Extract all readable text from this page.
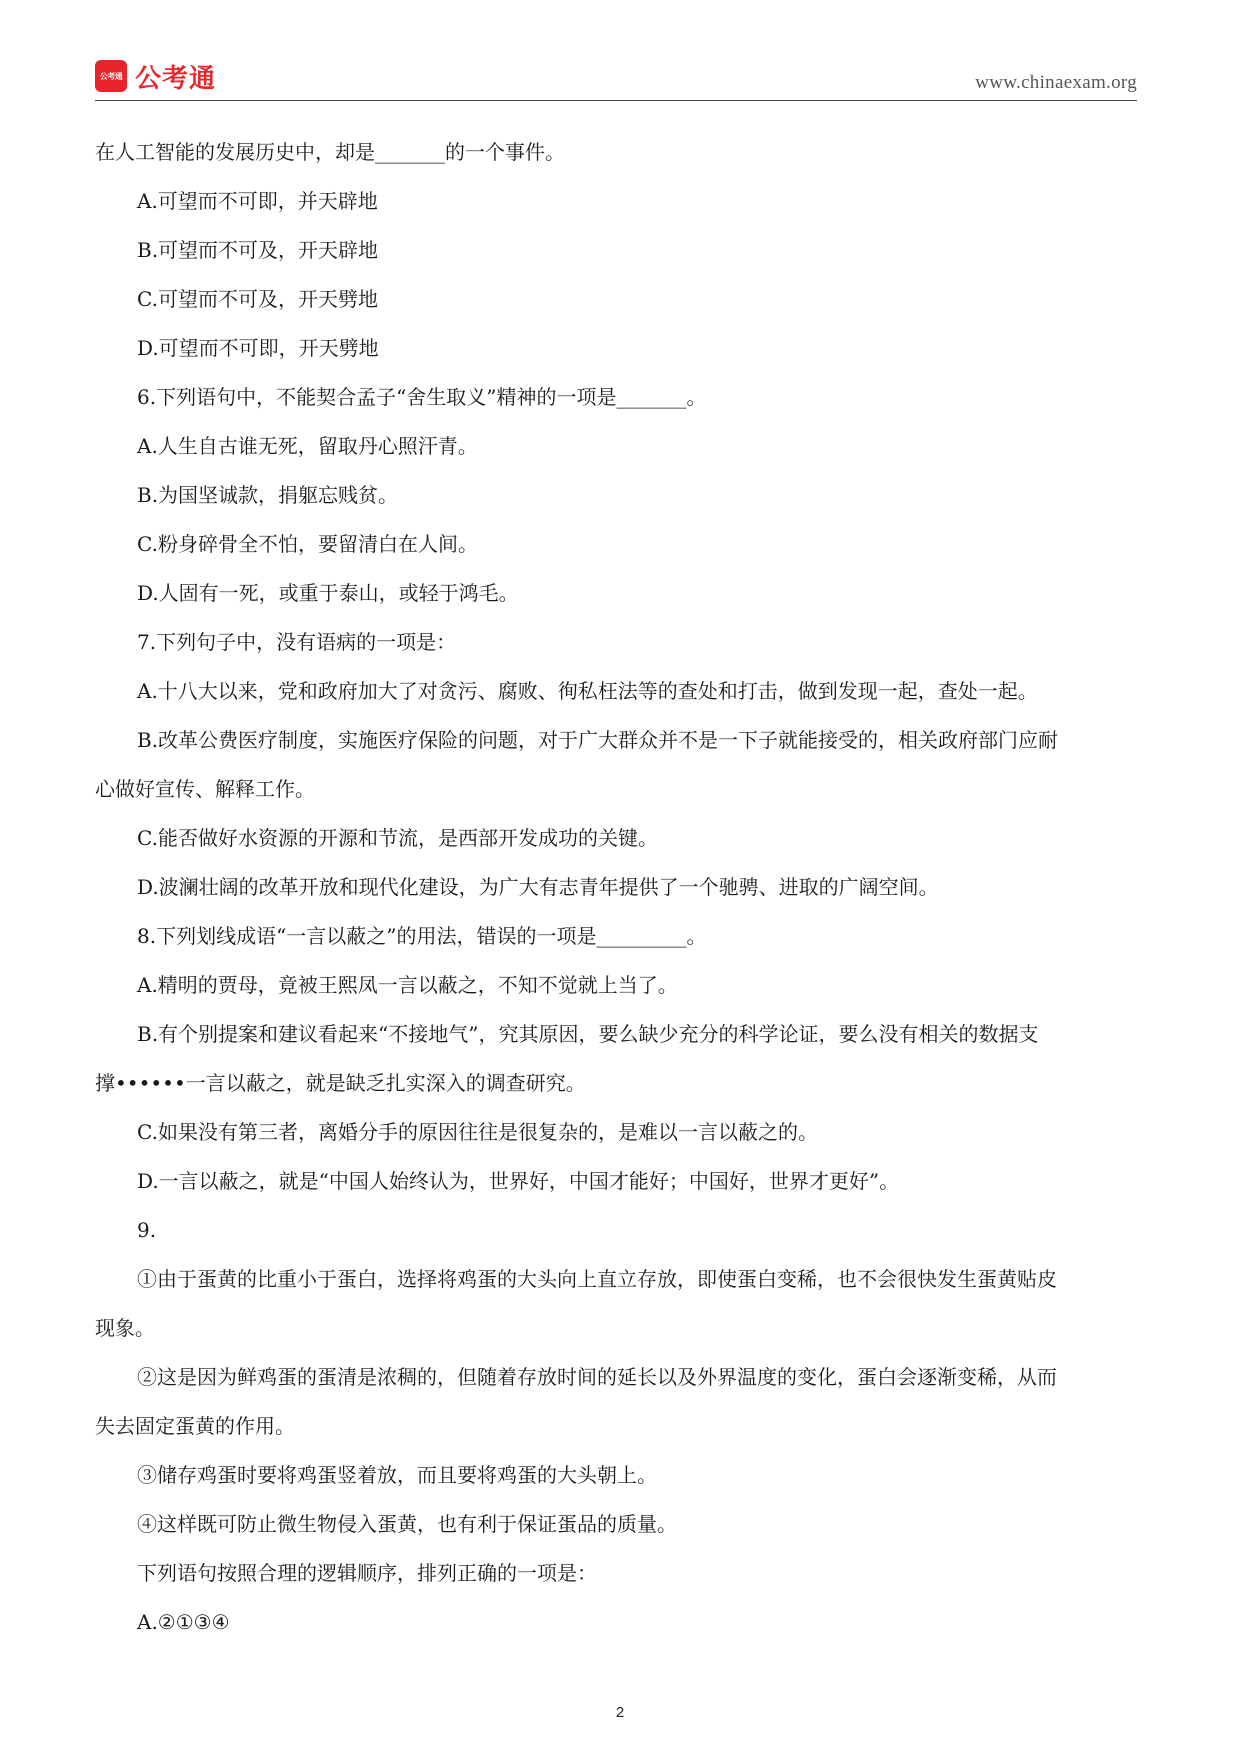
公考通 公考通	www.chinaexam.org

在人工智能的发展历史中，却是_______的一个事件。

A.可望而不可即，并天辟地

B.可望而不可及，开天辟地

C.可望而不可及，开天劈地

D.可望而不可即，开天劈地

6.下列语句中，不能契合孟子“舍生取义”精神的一项是_______。

A.人生自古谁无死，留取丹心照汗青。

B.为国坚诚款，捐躯忘贱贫。

C.粉身碎骨全不怕，要留清白在人间。

D.人固有一死，或重于泰山，或轻于鸿毛。

7.下列句子中，没有语病的一项是：

A.十八大以来，党和政府加大了对贪污、腐败、徇私枉法等的查处和打击，做到发现一起，查处一起。

B.改革公费医疗制度，实施医疗保险的问题，对于广大群众并不是一下子就能接受的，相关政府部门应耐

心做好宣传、解释工作。

C.能否做好水资源的开源和节流，是西部开发成功的关键。

D.波澜壮阔的改革开放和现代化建设，为广大有志青年提供了一个驰骋、进取的广阔空间。

8.下列划线成语“一言以蔽之”的用法，错误的一项是_________。

A.精明的贾母，竟被王熙凤一言以蔽之，不知不觉就上当了。

B.有个别提案和建议看起来“不接地气”，究其原因，要么缺少充分的科学论证，要么没有相关的数据支

撑••••••一言以蔽之，就是缺乏扎实深入的调查研究。

C.如果没有第三者，离婚分手的原因往往是很复杂的，是难以一言以蔽之的。

D.一言以蔽之，就是“中国人始终认为，世界好，中国才能好；中国好，世界才更好”。

9.

①由于蛋黄的比重小于蛋白，选择将鸡蛋的大头向上直立存放，即使蛋白变稀，也不会很快发生蛋黄贴皮

现象。

②这是因为鲜鸡蛋的蛋清是浓稠的，但随着存放时间的延长以及外界温度的变化，蛋白会逐渐变稀，从而

失去固定蛋黄的作用。

③储存鸡蛋时要将鸡蛋竖着放，而且要将鸡蛋的大头朝上。

④这样既可防止微生物侵入蛋黄，也有利于保证蛋品的质量。

下列语句按照合理的逻辑顺序，排列正确的一项是：

A.②①③④

2
